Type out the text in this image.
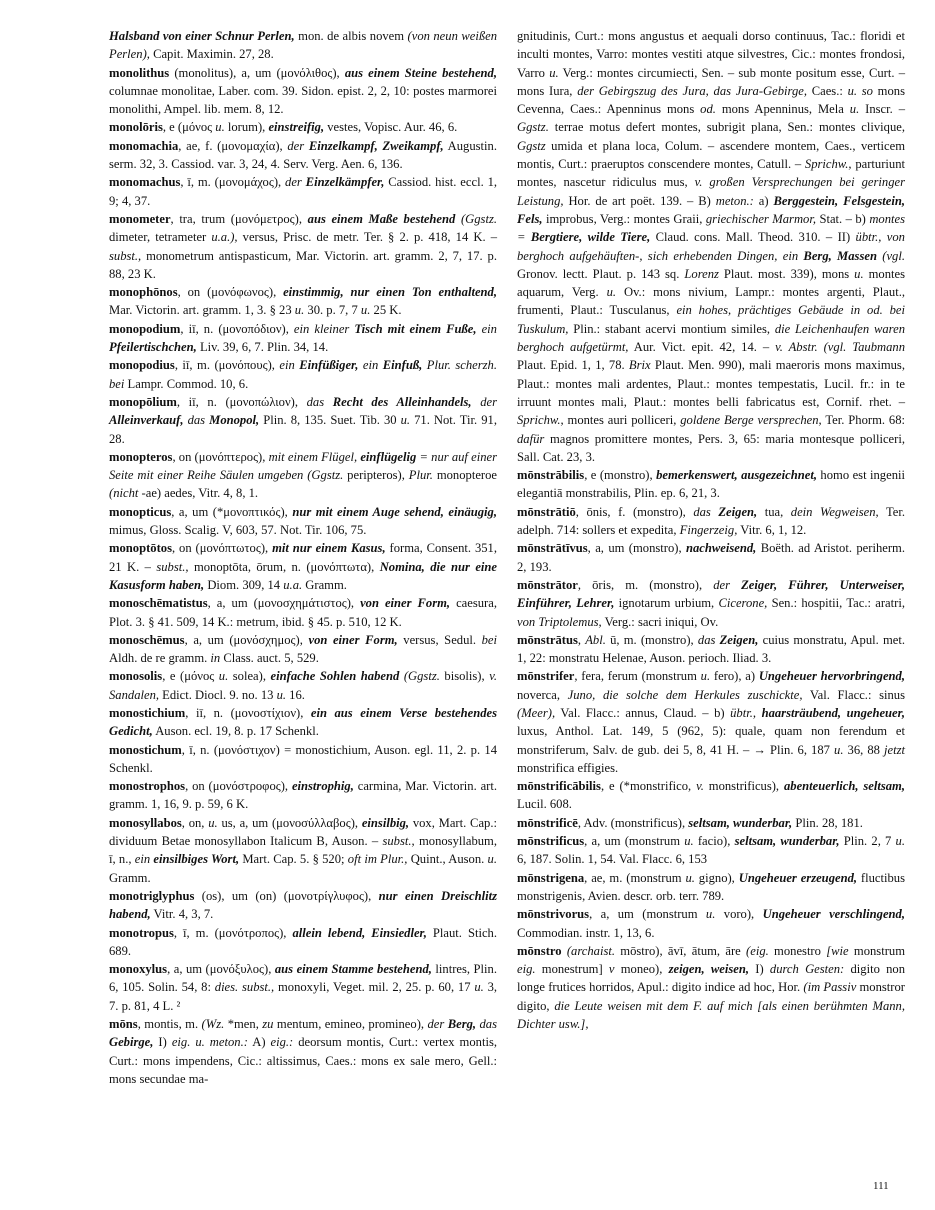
Halsband von einer Schnur Perlen, mon. de albis novem (von neun weißen Perlen), Capit. Maximin. 27, 28.

monolithus (monolitus), a, um (μονόλιθος), aus einem Steine bestehend, columnae monolitae, Laber. com. 39. Sidon. epist. 2, 2, 10: postes marmorei monolithi, Ampel. lib. mem. 8, 12.

monolōris, e (μόνος u. lorum), einstreifig, vestes, Vopisc. Aur. 46, 6.

monomachia, ae, f. (μονομαχία), der Einzelkampf, Zweikampf, Augustin. serm. 32, 3. Cassiod. var. 3, 24, 4. Serv. Verg. Aen. 6, 136.

monomachus, ī, m. (μονομάχος), der Einzelkämpfer, Cassiod. hist. eccl. 1, 9; 4, 37.

monometer, tra, trum (μονόμετρος), aus einem Maße bestehend (Ggstz. dimeter, tetrameter u.a.), versus, Prisc. de metr. Ter. § 2. p. 418, 14 K. – subst., monometrum antispasticum, Mar. Victorin. art. gramm. 2, 7, 17. p. 88, 23 K.

monophōnos, on (μονόφωνος), einstimmig, nur einen Ton enthaltend, Mar. Victorin. art. gramm. 1, 3. § 23 u. 30. p. 7, 7 u. 25 K.

monopodium, iī, n. (μονοπόδιον), ein kleiner Tisch mit einem Fuße, ein Pfeilertischchen, Liv. 39, 6, 7. Plin. 34, 14.

monopodius, iī, m. (μονόπους), ein Einfüßiger, ein Einfuß, Plur. scherzh. bei Lampr. Commod. 10, 6.

monopōlium, iī, n. (μονοπώλιον), das Recht des Alleinhandels, der Alleinverkauf, das Monopol, Plin. 8, 135. Suet. Tib. 30 u. 71. Not. Tir. 91, 28.

monopteros, on (μονόπτερος), mit einem Flügel, einflügelig = nur auf einer Seite mit einer Reihe Säulen umgeben (Ggstz. peripteros), Plur. monopteroe (nicht -ae) aedes, Vitr. 4, 8, 1.

monopticus, a, um (*μονοπτικός), nur mit einem Auge sehend, einäugig, mimus, Gloss. Scalig. V, 603, 57. Not. Tir. 106, 75.

monoptōtos, on (μονόπτωτος), mit nur einem Kasus, forma, Consent. 351, 21 K. – subst., monoptōta, ōrum, n. (μονόπτωτα), Nomina, die nur eine Kasusform haben, Diom. 309, 14 u.a. Gramm.

monoschēmatistus, a, um (μονοσχημάτιστος), von einer Form, caesura, Plot. 3. § 41. 509, 14 K.: metrum, ibid. § 45. p. 510, 12 K.

monoschēmus, a, um (μονόσχημος), von einer Form, versus, Sedul. bei Aldh. de re gramm. in Class. auct. 5, 529.

monosolis, e (μόνος u. solea), einfache Sohlen habend (Ggstz. bisolis), v. Sandalen, Edict. Diocl. 9. no. 13 u. 16.

monostichium, iī, n. (μονοστίχιον), ein aus einem Verse bestehendes Gedicht, Auson. ecl. 19, 8. p. 17 Schenkl.

monostichum, ī, n. (μονόστιχον) = monostichium, Auson. egl. 11, 2. p. 14 Schenkl.

monostrophos, on (μονόστροφος), einstrophig, carmina, Mar. Victorin. art. gramm. 1, 16, 9. p. 59, 6 K.

monosyllabos, on, u. us, a, um (μονοσύλλαβος), einsilbig, vox, Mart. Cap.: dividuum Betae monosyllabon Italicum B, Auson. – subst., monosyllabum, ī, n., ein einsilbiges Wort, Mart. Cap. 5. § 520; oft im Plur., Quint., Auson. u. Gramm.

monotriglyphus (os), um (on) (μονοτρίγλυφος), nur einen Dreischlitz habend, Vitr. 4, 3, 7.

monotropus, ī, m. (μονότροπος), allein lebend, Einsiedler, Plaut. Stich. 689.

monoxylus, a, um (μονόξυλος), aus einem Stamme bestehend, lintres, Plin. 6, 105. Solin. 54, 8: dies. subst., monoxyli, Veget. mil. 2, 25. p. 60, 17 u. 3, 7. p. 81, 4 L. ²

mōns, montis, m. (Wz. *men, zu mentum, emineo, promineo), der Berg, das Gebirge, I) eig. u. meton.: A) eig.: deorsum montis, Curt.: vertex montis, Curt.: mons impendens, Cic.: altissimus, Caes.: mons ex sale mero, Gell.: mons secundae ma-

gnitudinis, Curt.: mons angustus et aequali dorso continuus, Tac.: floridi et inculti montes, Varro: montes vestiti atque silvestres, Cic.: montes frondosi, Varro u. Verg.: montes circumiecti, Sen. – sub monte positum esse, Curt. – mons Iura, der Gebirgszug des Jura, das Jura-Gebirge, Caes.: u. so mons Cevenna, Caes.: Apenninus mons od. mons Apenninus, Mela u. Inscr. – Ggstz. terrae motus defert montes, subrigit plana, Sen.: montes clivique, Ggstz umida et plana loca, Colum. – ascendere montem, Caes., verticem montis, Curt.: praeruptos conscendere montes, Catull. – Sprichw., parturiunt montes, nascetur ridiculus mus, v. großen Versprechungen bei geringer Leistung, Hor. de art poët. 139. – B) meton.: a) Berggestein, Felsgestein, Fels, improbus, Verg.: montes Graii, griechischer Marmor, Stat. – b) montes = Bergtiere, wilde Tiere, Claud. cons. Mall. Theod. 310. – II) übtr., von berghoch aufgehäuften-, sich erhebenden Dingen, ein Berg, Massen (vgl. Gronov. lectt. Plaut. p. 143 sq. Lorenz Plaut. most. 339), mons u. montes aquarum, Verg. u. Ov.: mons nivium, Lampr.: montes argenti, Plaut., frumenti, Plaut.: Tusculanus, ein hohes, prächtiges Gebäude in od. bei Tuskulum, Plin.: stabant acervi montium similes, die Leichenhaufen waren berghoch aufgetürmt, Aur. Vict. epit. 42, 14. – v. Abstr. (vgl. Taubmann Plaut. Epid. 1, 1, 78. Brix Plaut. Men. 990), mali maeroris mons maximus, Plaut.: montes mali ardentes, Plaut.: montes tempestatis, Lucil. fr.: in te irruunt montes mali, Plaut.: montes belli fabricatus est, Cornif. rhet. – Sprichw., montes auri polliceri, goldene Berge versprechen, Ter. Phorm. 68: dafür magnos promittere montes, Pers. 3, 65: maria montesque polliceri, Sall. Cat. 23, 3.

mōnstrābilis, e (monstro), bemerkenswert, ausgezeichnet, homo est ingenii elegantiā monstrabilis, Plin. ep. 6, 21, 3.

mōnstrātiō, ōnis, f. (monstro), das Zeigen, tua, dein Wegweisen, Ter. adelph. 714: sollers et expedita, Fingerzeig, Vitr. 6, 1, 12.

mōnstrātīvus, a, um (monstro), nachweisend, Boëth. ad Aristot. periherm. 2, 193.

mōnstrātor, ōris, m. (monstro), der Zeiger, Führer, Unterweiser, Einführer, Lehrer, ignotarum urbium, Cicerone, Sen.: hospitii, Tac.: aratri, von Triptolemus, Verg.: sacri iniqui, Ov.

mōnstrātus, Abl. ū, m. (monstro), das Zeigen, cuius monstratu, Apul. met. 1, 22: monstratu Helenae, Auson. perioch. Iliad. 3.

mōnstrifer, fera, ferum (monstrum u. fero), a) Ungeheuer hervorbringend, noverca, Juno, die solche dem Herkules zuschickte, Val. Flacc.: sinus (Meer), Val. Flacc.: annus, Claud. – b) übtr., haarsträubend, ungeheuer, luxus, Anthol. Lat. 149, 5 (962, 5): quale, quam non ferendum et monstriferum, Salv. de gub. dei 5, 8, 41 H. – → Plin. 6, 187 u. 36, 88 jetzt monstrifica effigies.

mōnstrificābilis, e (*monstrifico, v. monstrificus), abenteuerlich, seltsam, Lucil. 608.

mōnstrificē, Adv. (monstrificus), seltsam, wunderbar, Plin. 28, 181.

mōnstrificus, a, um (monstrum u. facio), seltsam, wunderbar, Plin. 2, 7 u. 6, 187. Solin. 1, 54. Val. Flacc. 6, 153

mōnstrigena, ae, m. (monstrum u. gigno), Ungeheuer erzeugend, fluctibus monstrigenis, Avien. descr. orb. terr. 789.

mōnstrivorus, a, um (monstrum u. voro), Ungeheuer verschlingend, Commodian. instr. 1, 13, 6.

mōnstro (archaist. mōstro), āvī, ātum, āre (eig. monestro [wie monstrum eig. monestrum] v moneo), zeigen, weisen, I) durch Gesten: digito non longe frutices horridos, Apul.: digito indice ad hoc, Hor. (im Passiv monstror digito, die Leute weisen mit dem F. auf mich [als einen berühmten Mann, Dichter usw.],

111
